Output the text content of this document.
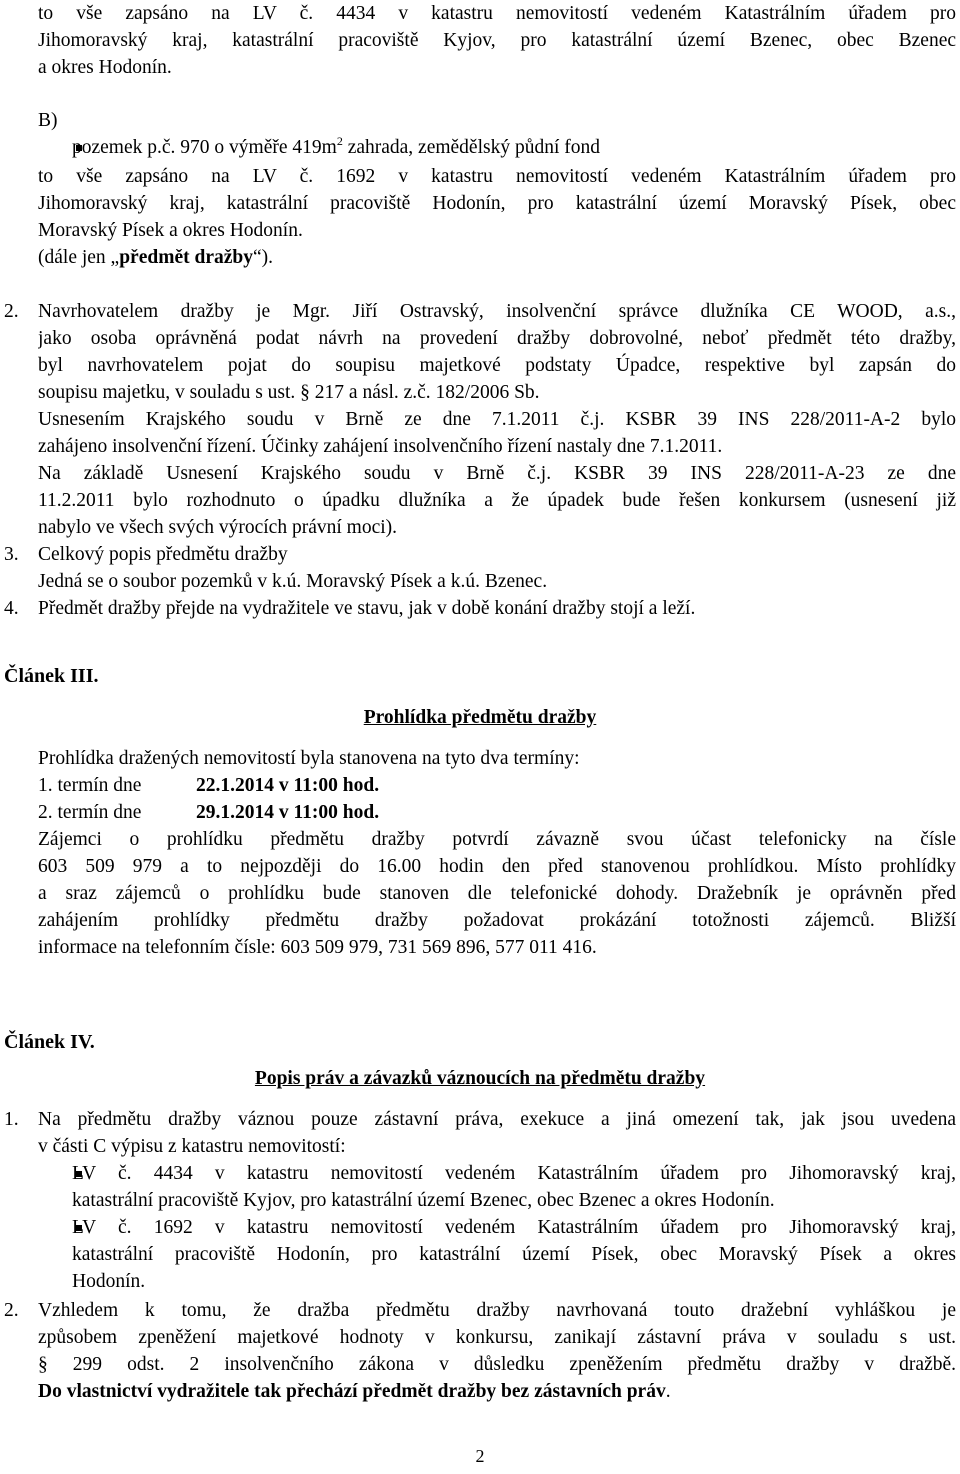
to vše zapsáno na LV č. 4434 v katastru nemovitostí vedeném Katastrálním úřadem pro
Jihomoravský kraj, katastrální pracoviště Kyjov, pro katastrální území Bzenec, obec Bzenec
a okres Hodonín.
B)
pozemek p.č. 970 o výměře $419m^2$ zahrada, zemědělský půdní fond
to vše zapsáno na LV č. 1692 v katastru nemovitostí vedeném Katastrálním úřadem pro
Jihomoravský kraj, katastrální pracoviště Hodonín, pro katastrální území Moravský Písek, obec
Moravský Písek a okres Hodonín.
(dále jen „předmět dražby“).
2. Navrhovatelem dražby je Mgr. Jiří Ostravský, insolvenční správce dlužníka CE WOOD, a.s.,
jako osoba oprávněná podat návrh na provedení dražby dobrovolné, neboť předmět této dražby,
byl navrhovatelem pojat do soupisu majetkové podstaty Úpadce, respektive byl zapsán do
soupisu majetku, v souladu s ust. § 217 a násl. z.č. 182/2006 Sb.
Usnesením Krajského soudu v Brně ze dne 7.1.2011 č.j. KSBR 39 INS 228/2011-A-2 bylo
zahájeno insolvenční řízení. Účinky zahájení insolvenčního řízení nastaly dne 7.1.2011.
Na základě Usnesení Krajského soudu v Brně č.j. KSBR 39 INS 228/2011-A-23 ze dne
11.2.2011 bylo rozhodnuto o úpadku dlužníka a že úpadek bude řešen konkursem (usnesení již
nabylo ve všech svých výrocích právní moci).
3. Celkový popis předmětu dražby
Jedná se o soubor pozemků v k.ú. Moravský Písek a k.ú. Bzenec.
4. Předmět dražby přejde na vydražitele ve stavu, jak v době konání dražby stojí a leží.
Článek III.
Prohlídka předmětu dražby
Prohlídka dražených nemovitostí byla stanovena na tyto dva termíny:
1. termín dne	22.1.2014 v 11:00 hod.
2. termín dne	29.1.2014 v 11:00 hod.
Zájemci o prohlídku předmětu dražby potvrdí závazně svou účast telefonicky na čísle
603 509 979 a to nejpozději do 16.00 hodin den před stanovenou prohlídkou. Místo prohlídky
a sraz zájemců o prohlídku bude stanoven dle telefonické dohody. Dražebník je oprávněn před
zahájením prohlídky předmětu dražby požadovat prokázání totožnosti zájemců. Bližší
informace na telefonním čísle: 603 509 979, 731 569 896, 577 011 416.
Článek IV.
Popis práv a závazků váznoucích na předmětu dražby
1. Na předmětu dražby váznou pouze zástavní práva, exekuce a jiná omezení tak, jak jsou uvedena
v části C výpisu z katastru nemovitostí:
LV č. 4434 v katastru nemovitostí vedeném Katastrálním úřadem pro Jihomoravský kraj,
katastrální pracoviště Kyjov, pro katastrální území Bzenec, obec Bzenec a okres Hodonín.
LV č. 1692 v katastru nemovitostí vedeném Katastrálním úřadem pro Jihomoravský kraj,
katastrální pracoviště Hodonín, pro katastrální území Písek, obec Moravský Písek a okres
Hodonín.
2. Vzhledem k tomu, že dražba předmětu dražby navrhovaná touto dražební vyhláškou je
způsobem zpeněžení majetkové hodnoty v konkursu, zanikají zástavní práva v souladu s ust.
§ 299 odst. 2 insolvenčního zákona v důsledku zpeněžením předmětu dražby v dražbě.
Do vlastnictví vydražitele tak přechází předmět dražby bez zástavních práv.
2
